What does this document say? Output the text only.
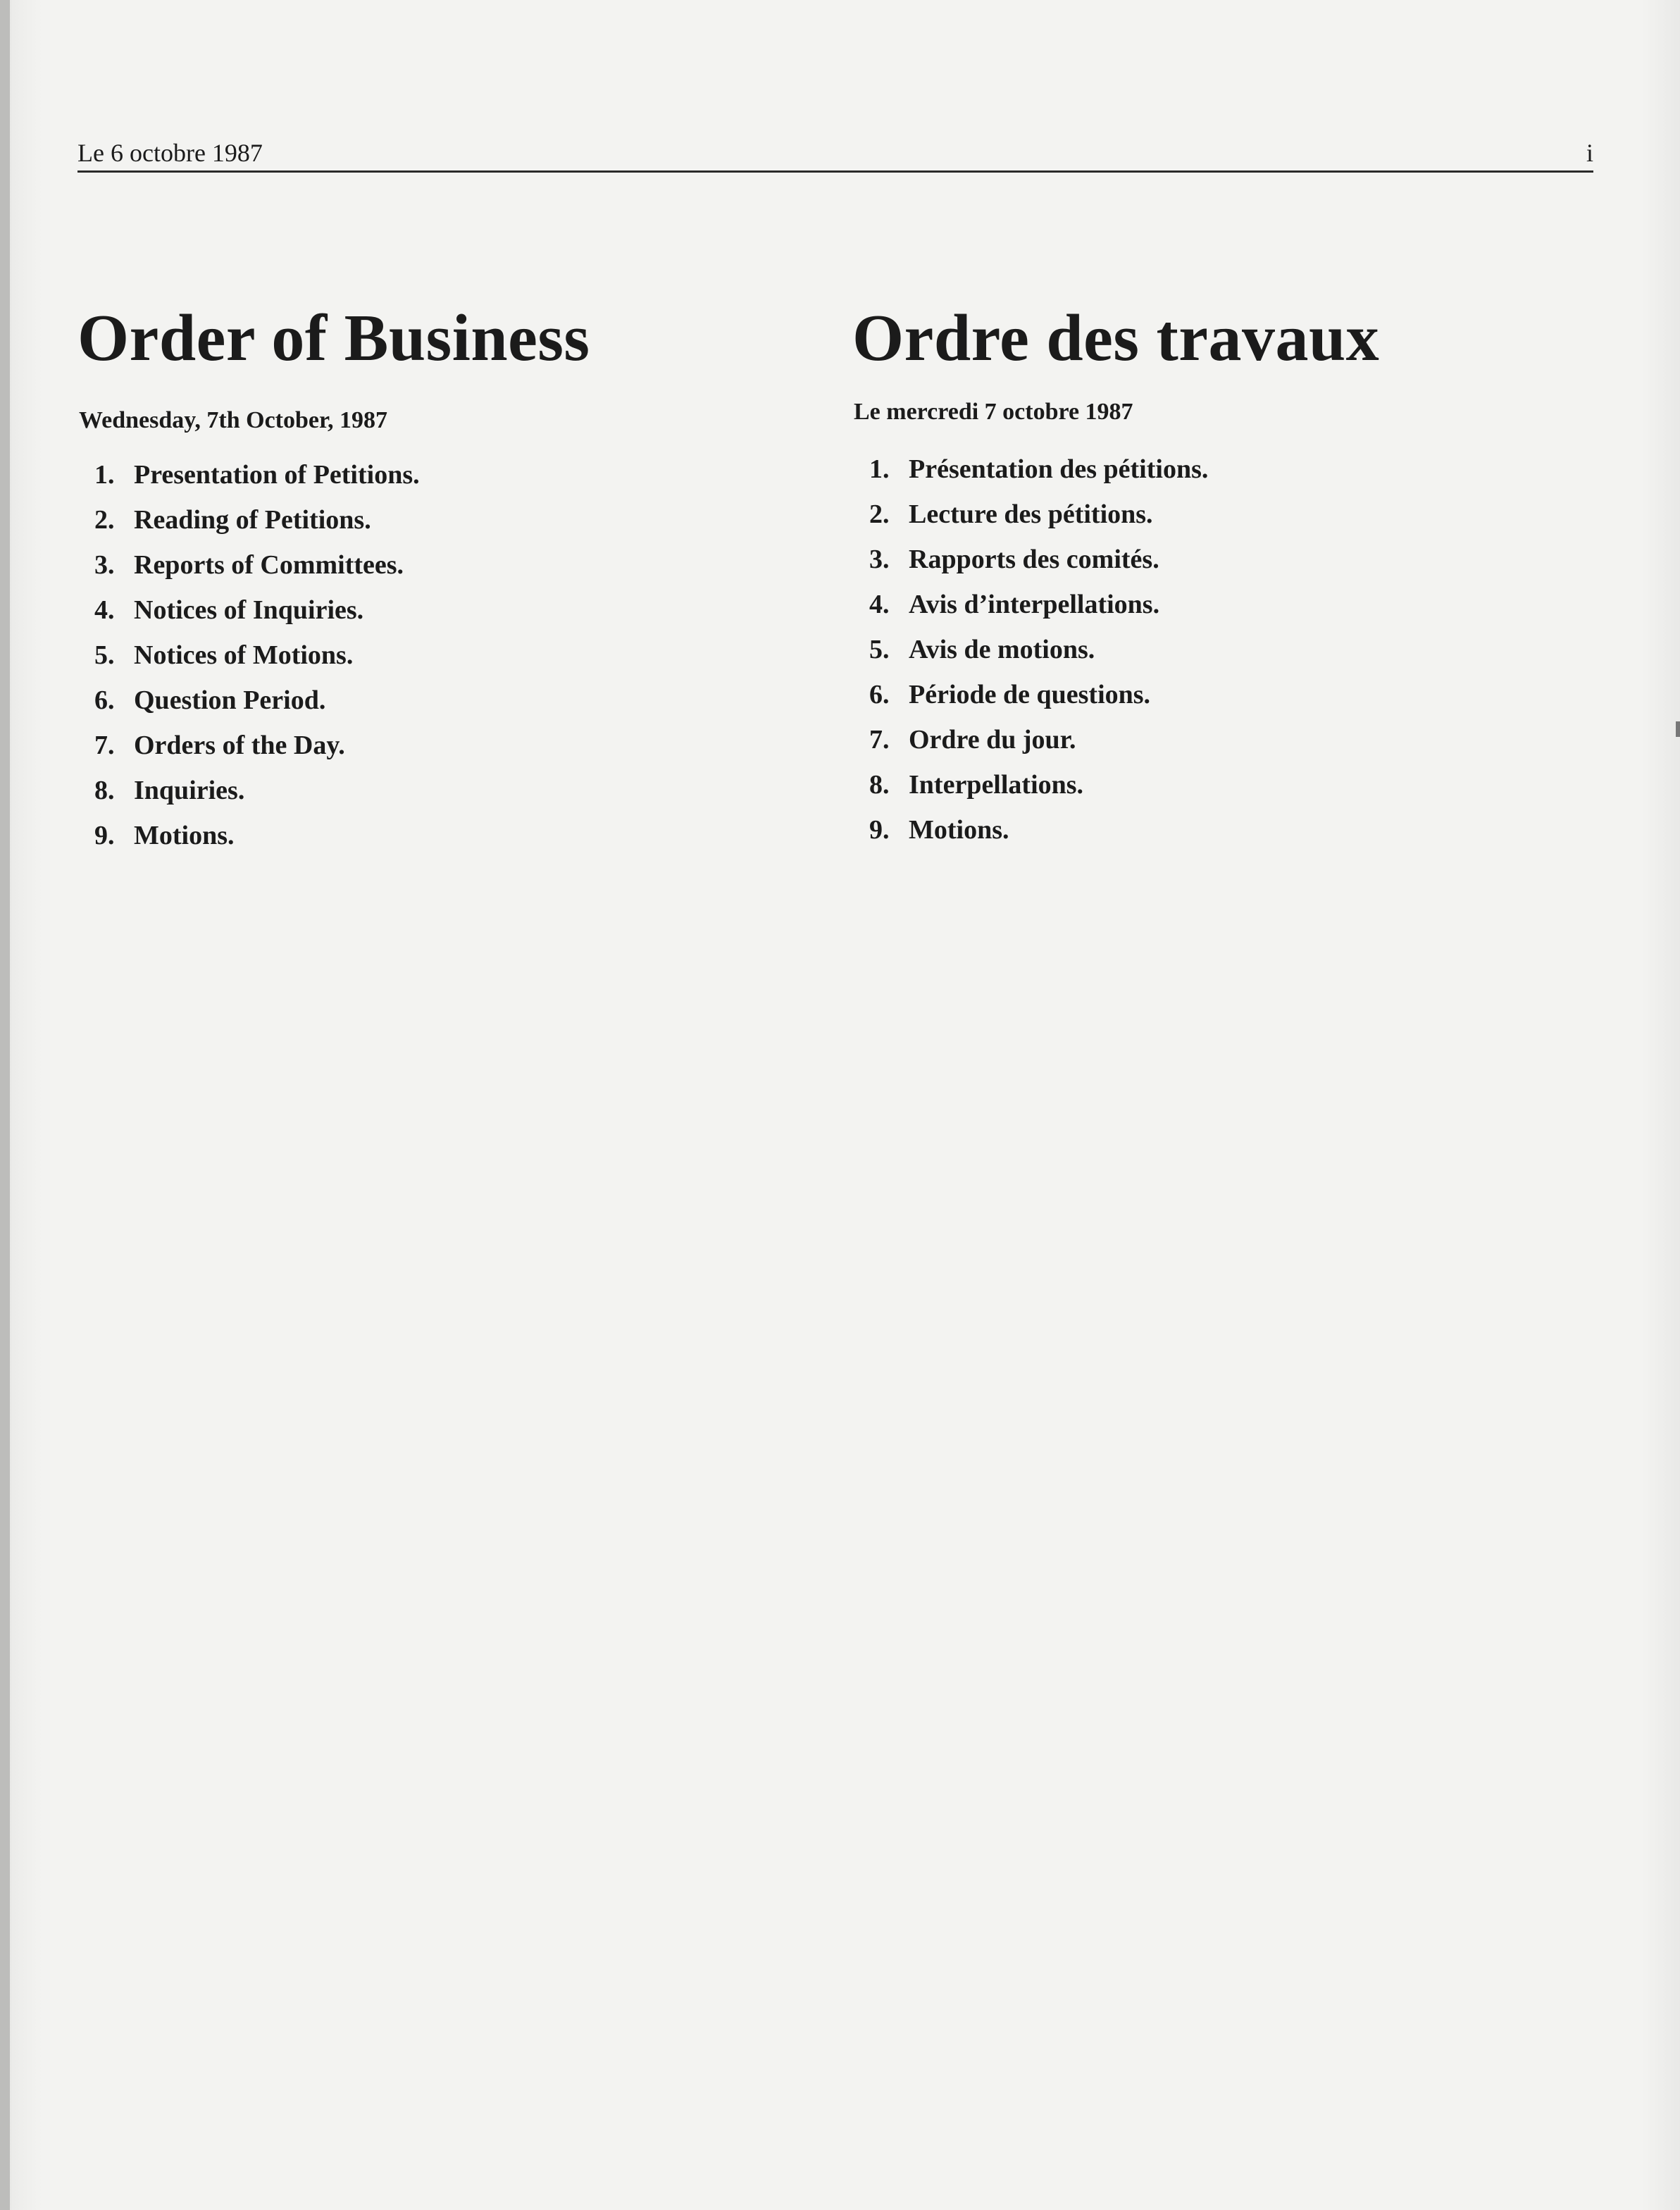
Le 6 octobre 1987	i
Order of Business

Wednesday, 7th October, 1987

1. Presentation of Petitions.
2. Reading of Petitions.
3. Reports of Committees.
4. Notices of Inquiries.
5. Notices of Motions.
6. Question Period.
7. Orders of the Day.
8. Inquiries.
9. Motions.
Ordre des travaux

Le mercredi 7 octobre 1987

1. Présentation des pétitions.
2. Lecture des pétitions.
3. Rapports des comités.
4. Avis d’interpellations.
5. Avis de motions.
6. Période de questions.
7. Ordre du jour.
8. Interpellations.
9. Motions.
